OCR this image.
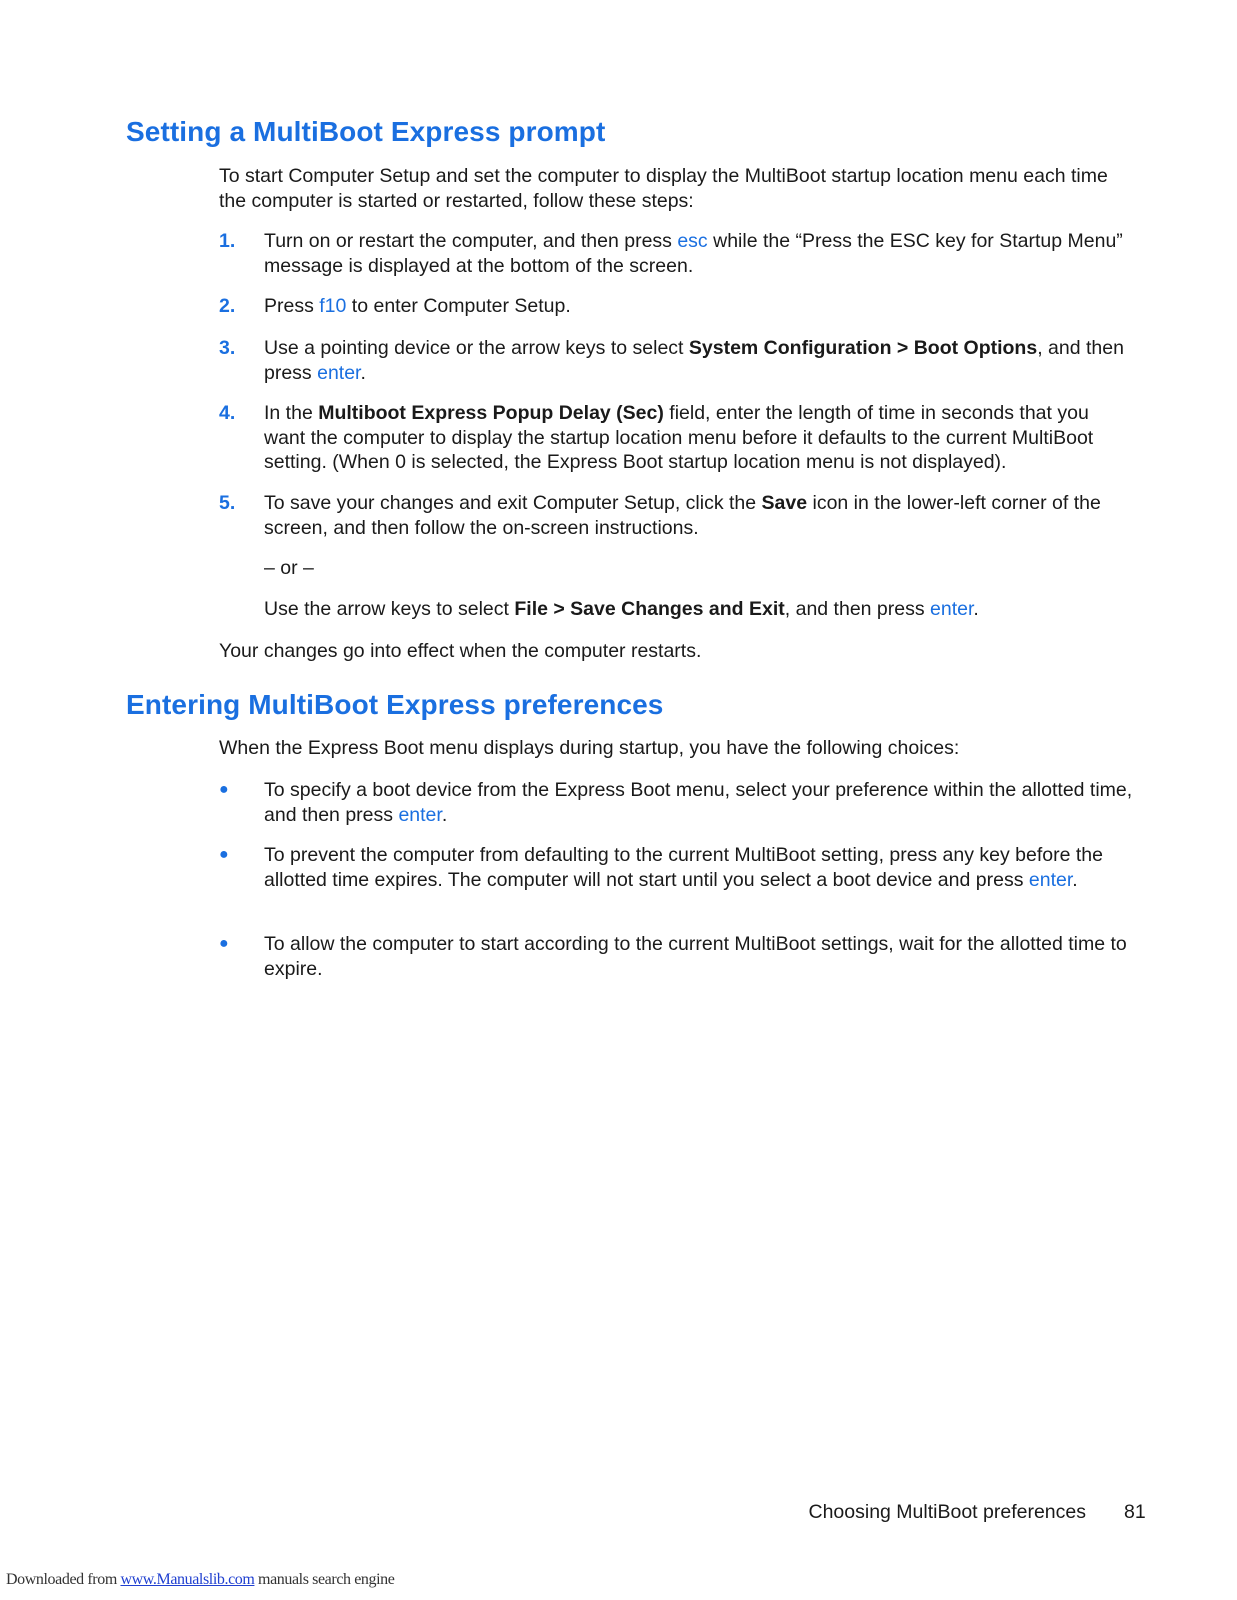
Setting a MultiBoot Express prompt

To start Computer Setup and set the computer to display the MultiBoot startup location menu each time the computer is started or restarted, follow these steps:

1. Turn on or restart the computer, and then press esc while the “Press the ESC key for Startup Menu” message is displayed at the bottom of the screen.
2. Press f10 to enter Computer Setup.
3. Use a pointing device or the arrow keys to select System Configuration > Boot Options, and then press enter.
4. In the Multiboot Express Popup Delay (Sec) field, enter the length of time in seconds that you want the computer to display the startup location menu before it defaults to the current MultiBoot setting. (When 0 is selected, the Express Boot startup location menu is not displayed).
5. To save your changes and exit Computer Setup, click the Save icon in the lower-left corner of the screen, and then follow the on-screen instructions.
– or –
Use the arrow keys to select File > Save Changes and Exit, and then press enter.

Your changes go into effect when the computer restarts.

Entering MultiBoot Express preferences

When the Express Boot menu displays during startup, you have the following choices:

● To specify a boot device from the Express Boot menu, select your preference within the allotted time, and then press enter.
● To prevent the computer from defaulting to the current MultiBoot setting, press any key before the allotted time expires. The computer will not start until you select a boot device and press enter.
● To allow the computer to start according to the current MultiBoot settings, wait for the allotted time to expire.
Choosing MultiBoot preferences 81
Downloaded from www.Manualslib.com manuals search engine
